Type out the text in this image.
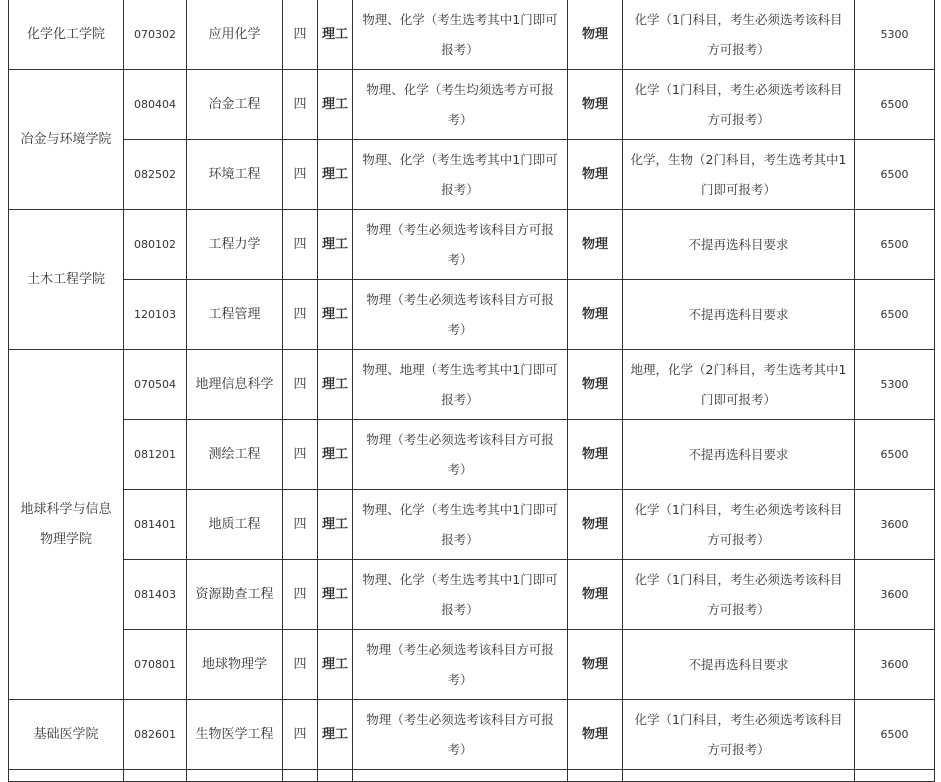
化学化工学院	070302	应用化学	四	理工	物理、化学（考生选考其中1门即可报考）	物理	化学（1门科目，考生必须选考该科目方可报考）	5300
冶金与环境学院	080404	冶金工程	四	理工	物理、化学（考生均须选考方可报考）	物理	化学（1门科目，考生必须选考该科目方可报考）	6500
	082502	环境工程	四	理工	物理、化学（考生选考其中1门即可报考）	物理	化学，生物（2门科目，考生选考其中1门即可报考）	6500
土木工程学院	080102	工程力学	四	理工	物理（考生必须选考该科目方可报考）	物理	不提再选科目要求	6500
	120103	工程管理	四	理工	物理（考生必须选考该科目方可报考）	物理	不提再选科目要求	6500
地球科学与信息物理学院	070504	地理信息科学	四	理工	物理、地理（考生选考其中1门即可报考）	物理	地理，化学（2门科目，考生选考其中1门即可报考）	5300
	081201	测绘工程	四	理工	物理（考生必须选考该科目方可报考）	物理	不提再选科目要求	6500
	081401	地质工程	四	理工	物理、化学（考生选考其中1门即可报考）	物理	化学（1门科目，考生必须选考该科目方可报考）	3600
	081403	资源勘查工程	四	理工	物理、化学（考生选考其中1门即可报考）	物理	化学（1门科目，考生必须选考该科目方可报考）	3600
	070801	地球物理学	四	理工	物理（考生必须选考该科目方可报考）	物理	不提再选科目要求	3600
基础医学院	082601	生物医学工程	四	理工	物理（考生必须选考该科目方可报考）	物理	化学（1门科目，考生必须选考该科目方可报考）	6500
